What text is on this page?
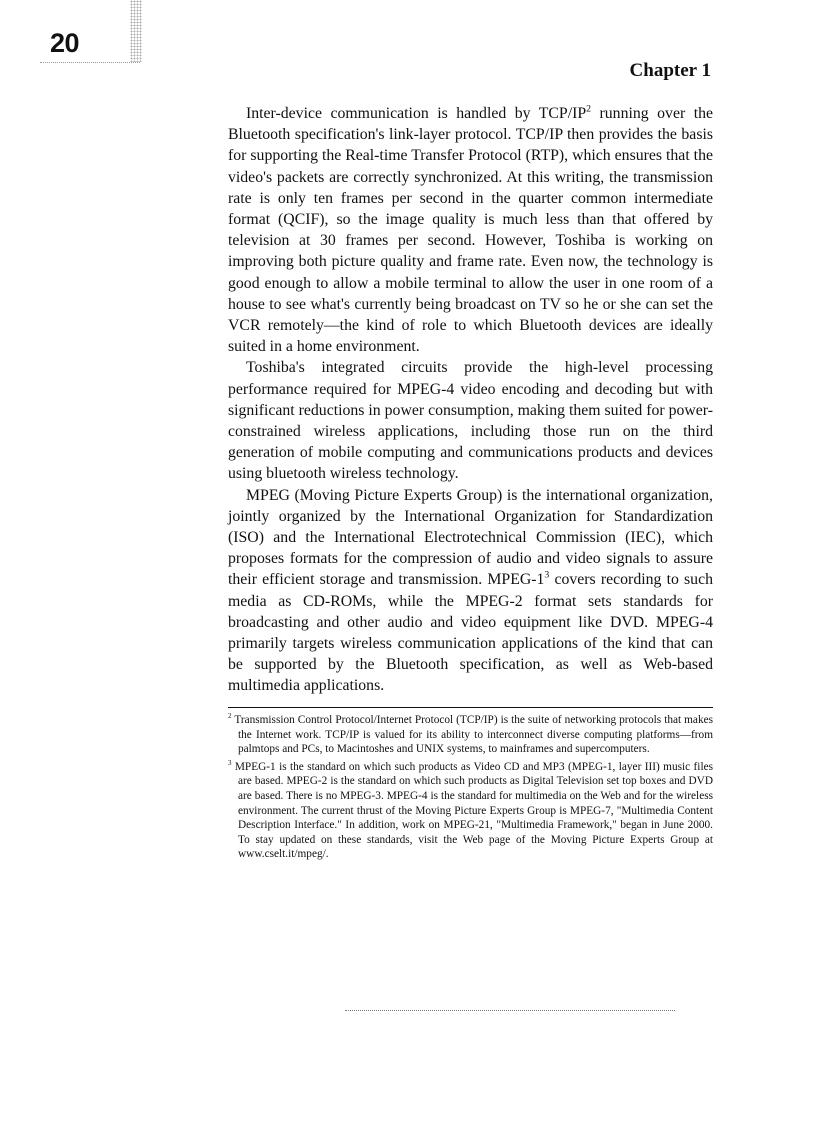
20
Chapter 1

Inter-device communication is handled by TCP/$IP^2$ running over the Bluetooth specification's link-layer protocol. TCP/IP then provides the basis for supporting the Real-time Transfer Protocol (RTP), which ensures that the video's packets are correctly synchronized. At this writing, the transmission rate is only ten frames per second in the quarter common intermediate format (QCIF), so the image quality is much less than that offered by television at 30 frames per second. However, Toshiba is working on improving both picture quality and frame rate. Even now, the technology is good enough to allow a mobile terminal to allow the user in one room of a house to see what's currently being broadcast on TV so he or she can set the VCR remotely—the kind of role to which Bluetooth devices are ideally suited in a home environment.

Toshiba's integrated circuits provide the high-level processing performance required for MPEG-4 video encoding and decoding but with significant reductions in power consumption, making them suited for power-constrained wireless applications, including those run on the third generation of mobile computing and communications products and devices using bluetooth wireless technology.

MPEG (Moving Picture Experts Group) is the international organization, jointly organized by the International Organization for Standardization (ISO) and the International Electrotechnical Commission (IEC), which proposes formats for the compression of audio and video signals to assure their efficient storage and transmission. MPEG-$1^3$ covers recording to such media as CD-ROMs, while the MPEG-2 format sets standards for broadcasting and other audio and video equipment like DVD. MPEG-4 primarily targets wireless communication applications of the kind that can be supported by the Bluetooth specification, as well as Web-based multimedia applications.

$^2$ Transmission Control Protocol/Internet Protocol (TCP/IP) is the suite of networking protocols that makes the Internet work. TCP/IP is valued for its ability to interconnect diverse computing platforms—from palmtops and PCs, to Macintoshes and UNIX systems, to mainframes and supercomputers.

$^3$ MPEG-1 is the standard on which such products as Video CD and MP3 (MPEG-1, layer III) music files are based. MPEG-2 is the standard on which such products as Digital Television set top boxes and DVD are based. There is no MPEG-3. MPEG-4 is the standard for multimedia on the Web and for the wireless environment. The current thrust of the Moving Picture Experts Group is MPEG-7, "Multimedia Content Description Interface." In addition, work on MPEG-21, "Multimedia Framework," began in June 2000. To stay updated on these standards, visit the Web page of the Moving Picture Experts Group at www.cselt.it/mpeg/.
